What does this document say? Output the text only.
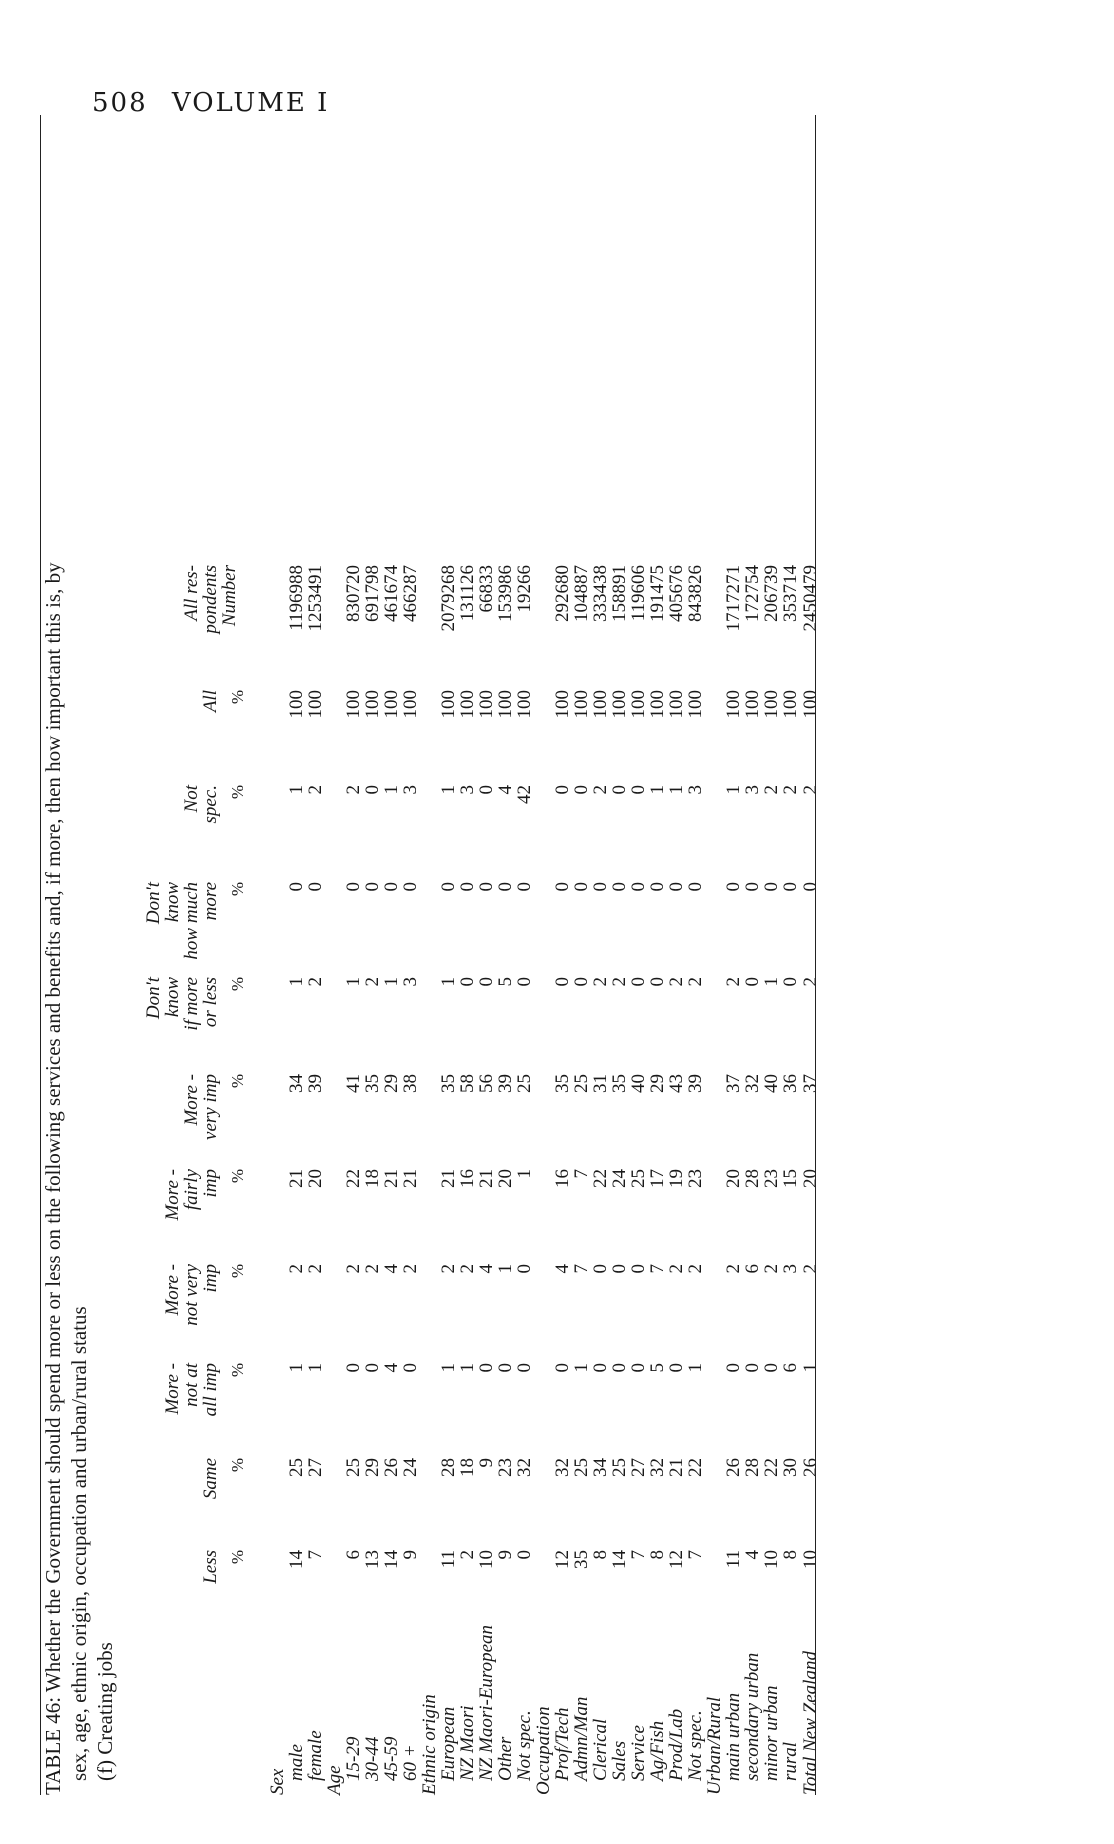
508 VOLUME I
TABLE 46: Whether the Government should spend more or less on the following services and benefits and, if more, then how important this is, by sex, age, ethnic origin, occupation and urban/rural status (f) Creating jobs
Less %
Same %
More -
not at
all imp %
More -
not very
imp %
More -
fairly
imp %
More -
very imp %
Don't
know
if more
or less %
Don't
know
how much
more %
Not
spec. %
All %
All res-
pondents
Number
Sex
male
14
25
1
2
21
34
1
0
1
100
1196988
female
7
27
1
2
20
39
2
0
2
100
1253491
Age
15-29
6
25
0
2
22
41
1
0
2
100
830720
30-44
13
29
0
2
18
35
2
0
0
100
691798
45-59
14
26
4
4
21
29
1
0
1
100
461674
60 +
9
24
0
2
21
38
3
0
3
100
466287
Ethnic origin
European
11
28
1
2
21
35
1
0
1
100
2079268
NZ Maori
2
18
1
2
16
58
0
0
3
100
131126
NZ Maori-European
10
9
0
4
21
56
0
0
0
100
66833
Other
9
23
0
1
20
39
5
0
4
100
153986
Not spec.
0
32
0
0
1
25
0
0
42
100
19266
Occupation
Prof/Tech
12
32
0
4
16
35
0
0
0
100
292680
Admn/Man
35
25
1
7
7
25
0
0
0
100
104887
Clerical
8
34
0
0
22
31
2
0
2
100
333438
Sales
14
25
0
0
24
35
2
0
0
100
158891
Service
7
27
0
0
25
40
0
0
0
100
119606
Ag/Fish
8
32
5
7
17
29
0
0
1
100
191475
Prod/Lab
12
21
0
2
19
43
2
0
1
100
405676
Not spec.
7
22
1
2
23
39
2
0
3
100
843826
Urban/Rural
main urban
11
26
0
2
20
37
2
0
1
100
1717271
secondary urban
4
28
0
6
28
32
0
0
3
100
172754
minor urban
10
22
0
2
23
40
1
0
2
100
206739
rural
8
30
6
3
15
36
0
0
2
100
353714
Total New Zealand
10
26
1
2
20
37
2
0
2
100
2450479
